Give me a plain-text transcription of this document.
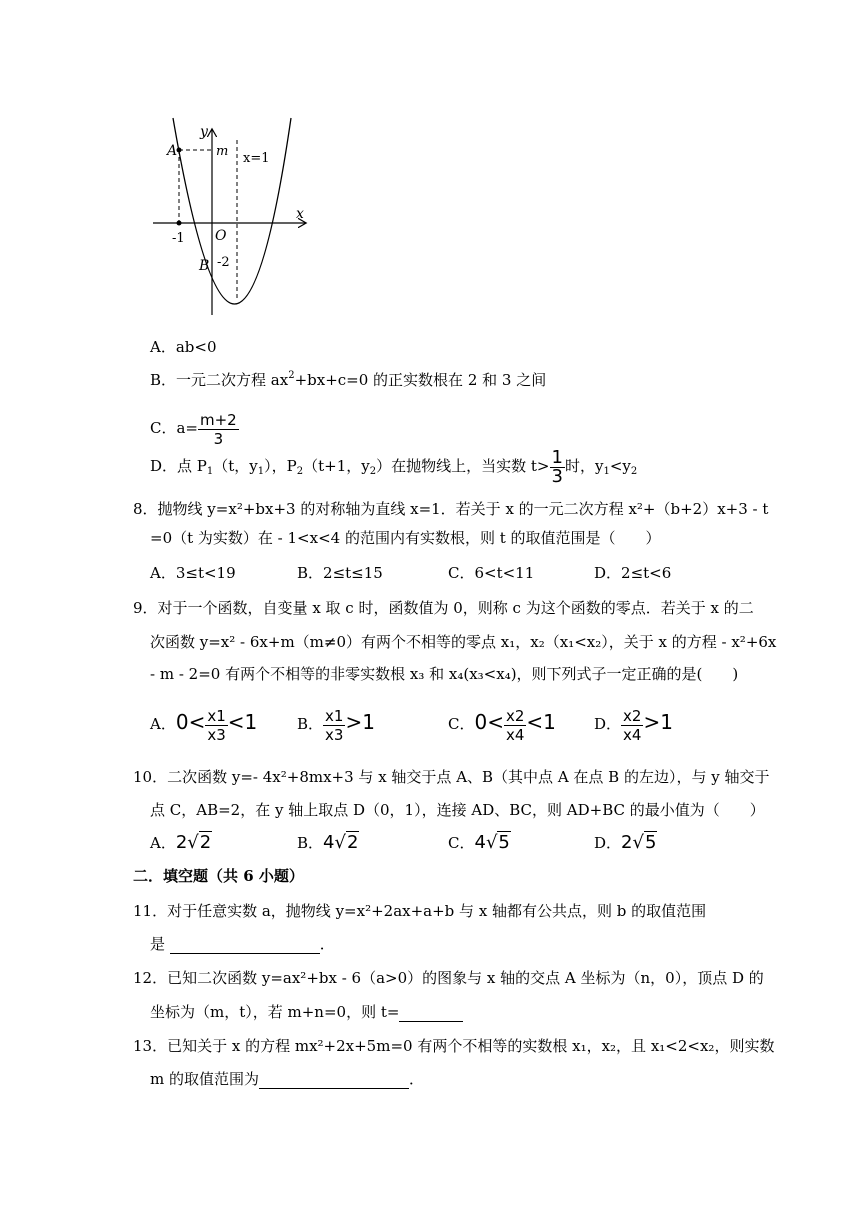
y
x
A	m x=1
O
-1
B -2
A．ab<0
B．一元二次方程 $ax^2+bx+c=0$ 的正实数根在 2 和 3 之间
C．$a= \frac{m+2}{3}$
D．点 $P_1(t$，$y_1$），$P_2(t+1$，$y_2$）在抛物线上，当实数 $t> \frac{1}{3}$ 时，$y_1<y_2$
8．抛物线 y=x²+bx+3 的对称轴为直线 x=1．若关于 x 的一元二次方程 x²+（b+2）x+3 - t
=0（t 为实数）在 - 1<x<4 的范围内有实数根，则 t 的取值范围是（　　）
A．3≤t<19	B．2≤t≤15	C．6<t<11	D．2≤t<6
9．对于一个函数，自变量 x 取 c 时，函数值为 0，则称 c 为这个函数的零点．若关于 x 的二
次函数 y=x² - 6x+m（m≠0）有两个不相等的零点 x₁，x₂（x₁<x₂），关于 x 的方程 - x²+6x
- m - 2=0 有两个不相等的非零实数根 x₃ 和 x₄(x₃<x₄)，则下列式子一定正确的是(　　)
A．$0< \frac{x1}{x3} <1$	B． $\frac{x1}{x3} >1$	C．$0< \frac{x2}{x4} <1$	D． $\frac{x2}{x4} >1$
10．二次函数 y=- 4x²+8mx+3 与 x 轴交于点 A、B（其中点 A 在点 B 的左边），与 y 轴交于
点 C，AB=2，在 y 轴上取点 D（0，1），连接 AD、BC，则 AD+BC 的最小值为（　　）
A．2√2	B．4√2	C．4√5	D．2√5
二．填空题（共 6 小题）
11．对于任意实数 a，抛物线 y=x²+2ax+a+b 与 x 轴都有公共点，则 b 的取值范围
是	．
12．已知二次函数 y=ax²+bx - 6（a>0）的图象与 x 轴的交点 A 坐标为（n，0），顶点 D 的
坐标为（m，t），若 m+n=0，则 t=
13．已知关于 x 的方程 mx²+2x+5m=0 有两个不相等的实数根 x₁，x₂，且 x₁<2<x₂，则实数
m 的取值范围为	．
